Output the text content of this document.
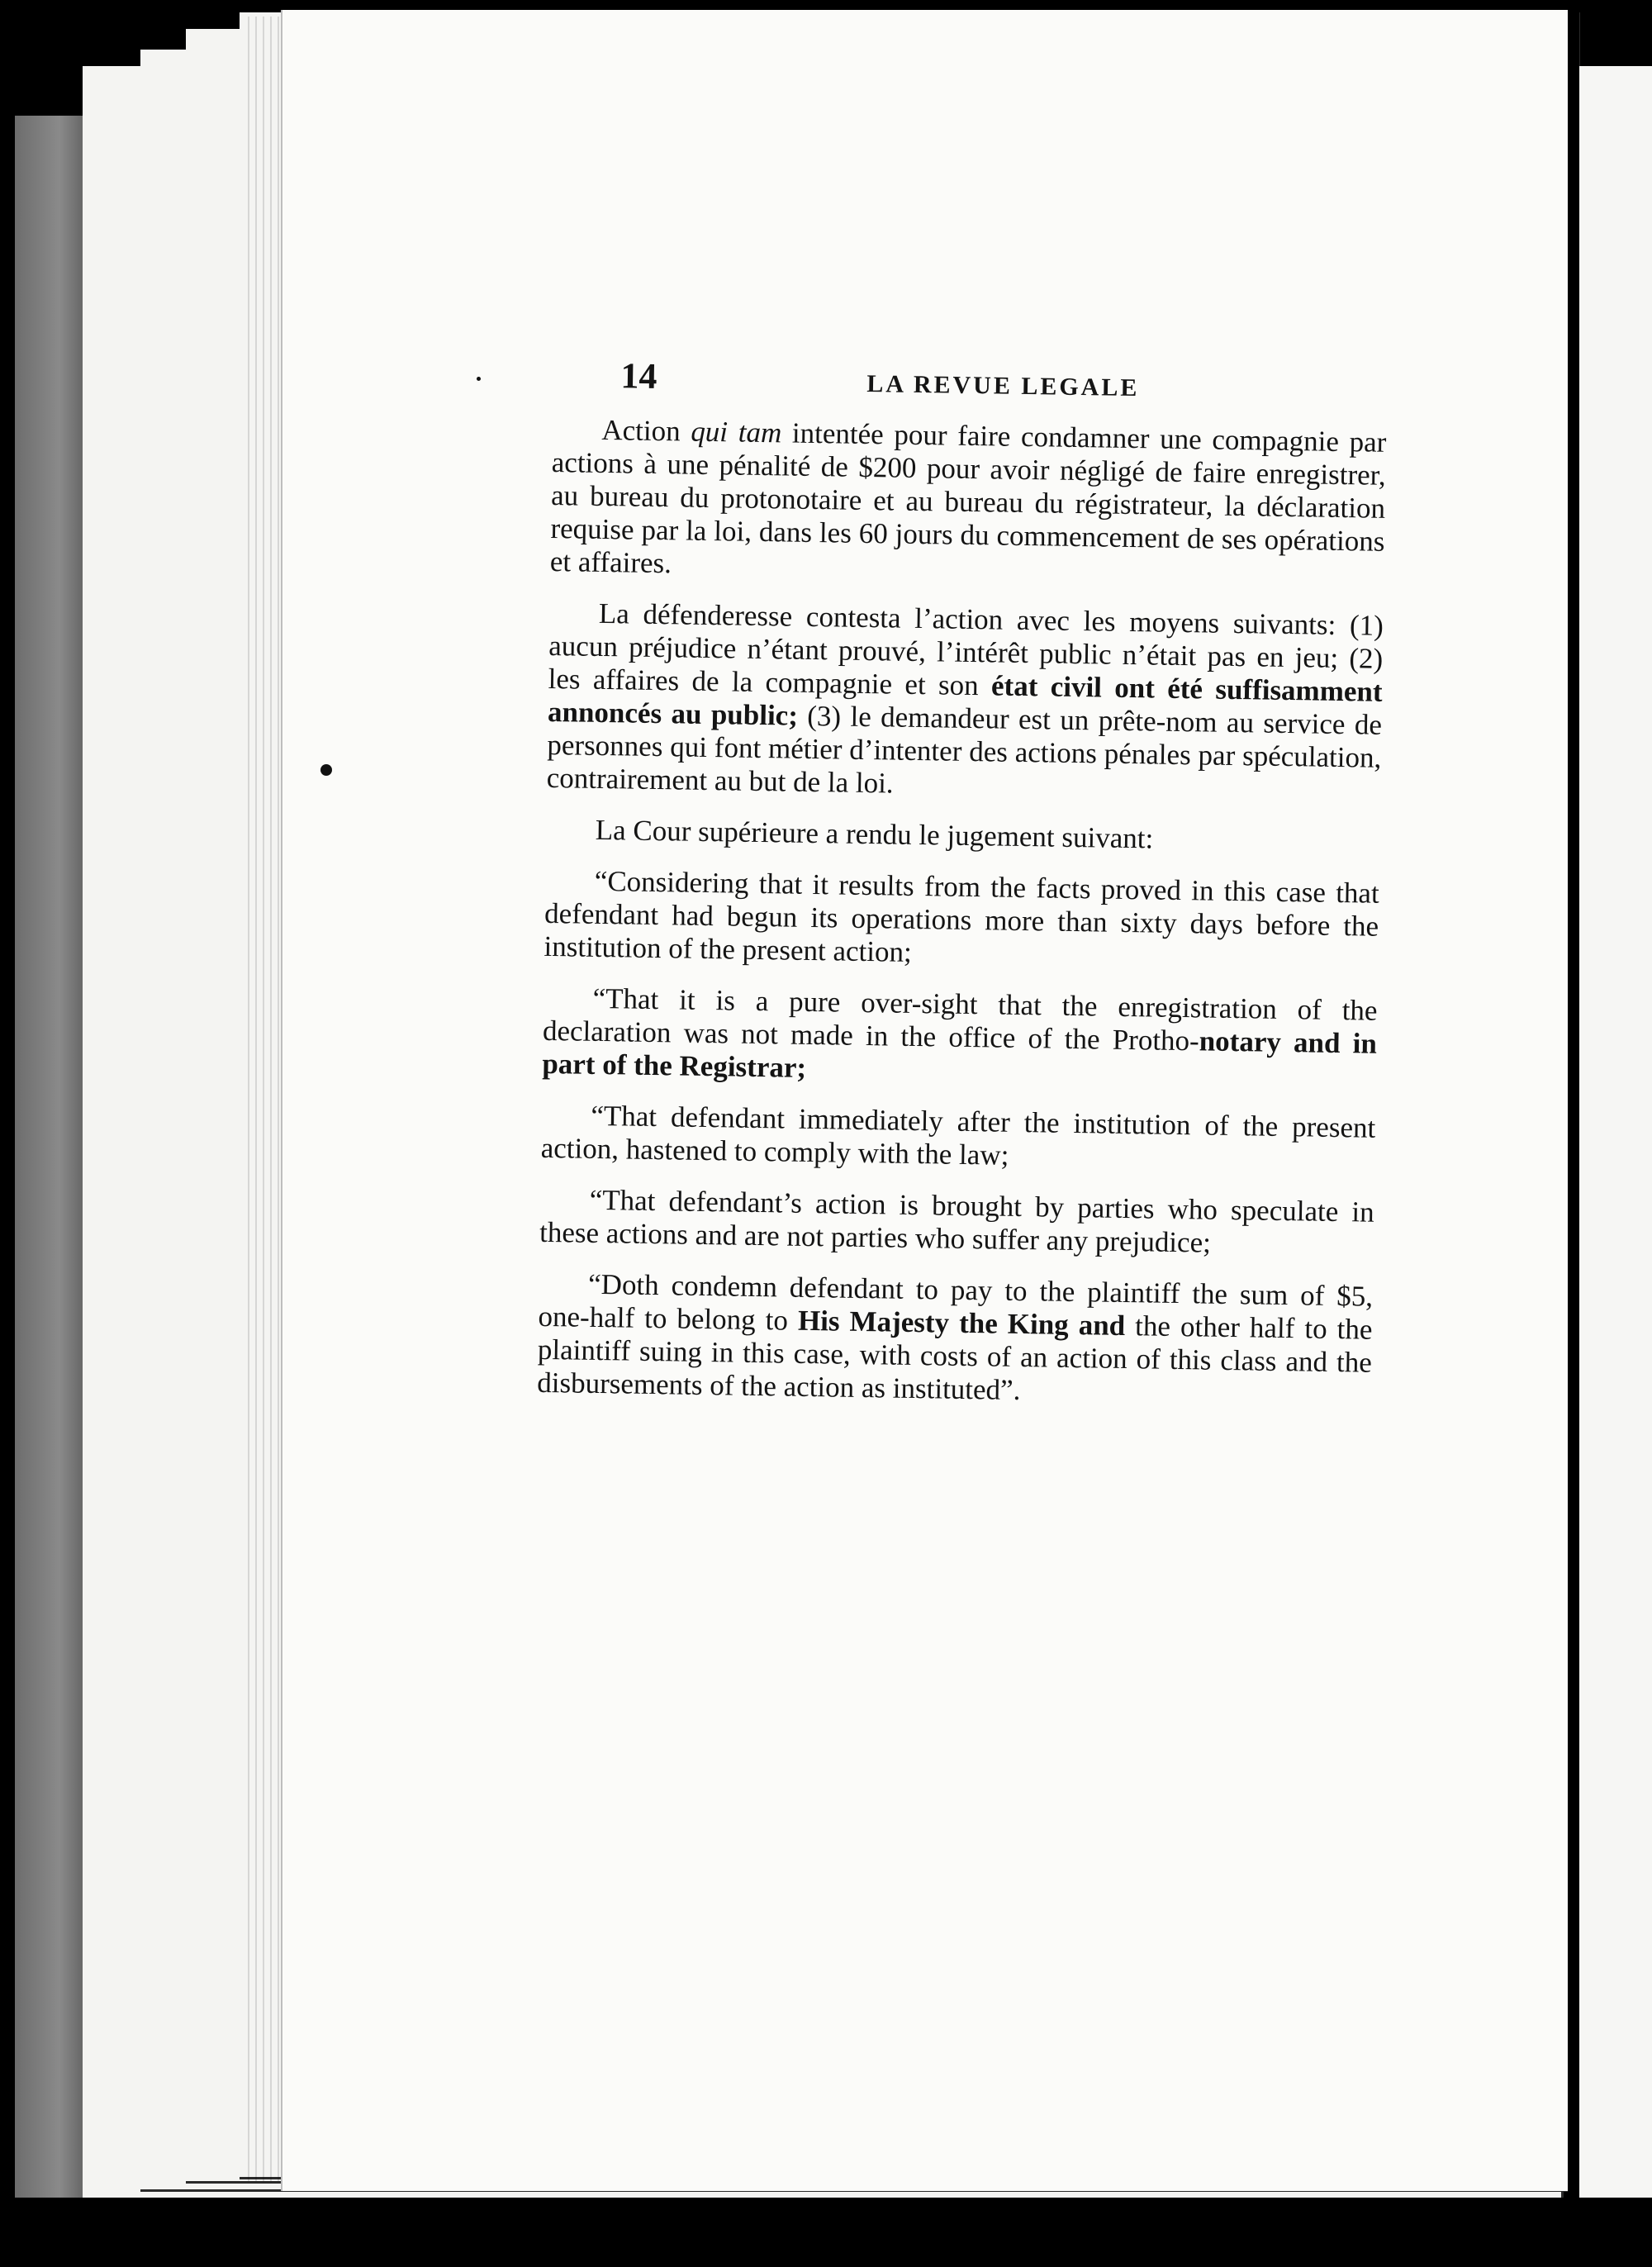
14	LA REVUE LEGALE

Action qui tam intentée pour faire condamner une compagnie par actions à une pénalité de $200 pour avoir négligé de faire enregistrer, au bureau du protonotaire et au bureau du régistrateur, la déclaration requise par la loi, dans les 60 jours du commencement de ses opérations et affaires.

La défenderesse contesta l’action avec les moyens suivants: (1) aucun préjudice n’étant prouvé, l’intérêt public n’était pas en jeu; (2) les affaires de la compagnie et son état civil ont été suffisamment annoncés au public; (3) le demandeur est un prête-nom au service de personnes qui font métier d’intenter des actions pénales par spéculation, contrairement au but de la loi.

La Cour supérieure a rendu le jugement suivant:

“Considering that it results from the facts proved in this case that defendant had begun its operations more than sixty days before the institution of the present action;

“That it is a pure over-sight that the enregistration of the declaration was not made in the office of the Protho-notary and in part of the Registrar;

“That defendant immediately after the institution of the present action, hastened to comply with the law;

“That defendant’s action is brought by parties who speculate in these actions and are not parties who suffer any prejudice;

“Doth condemn defendant to pay to the plaintiff the sum of $5, one-half to belong to His Majesty the King and the other half to the plaintiff suing in this case, with costs of an action of this class and the disbursements of the action as instituted”.
